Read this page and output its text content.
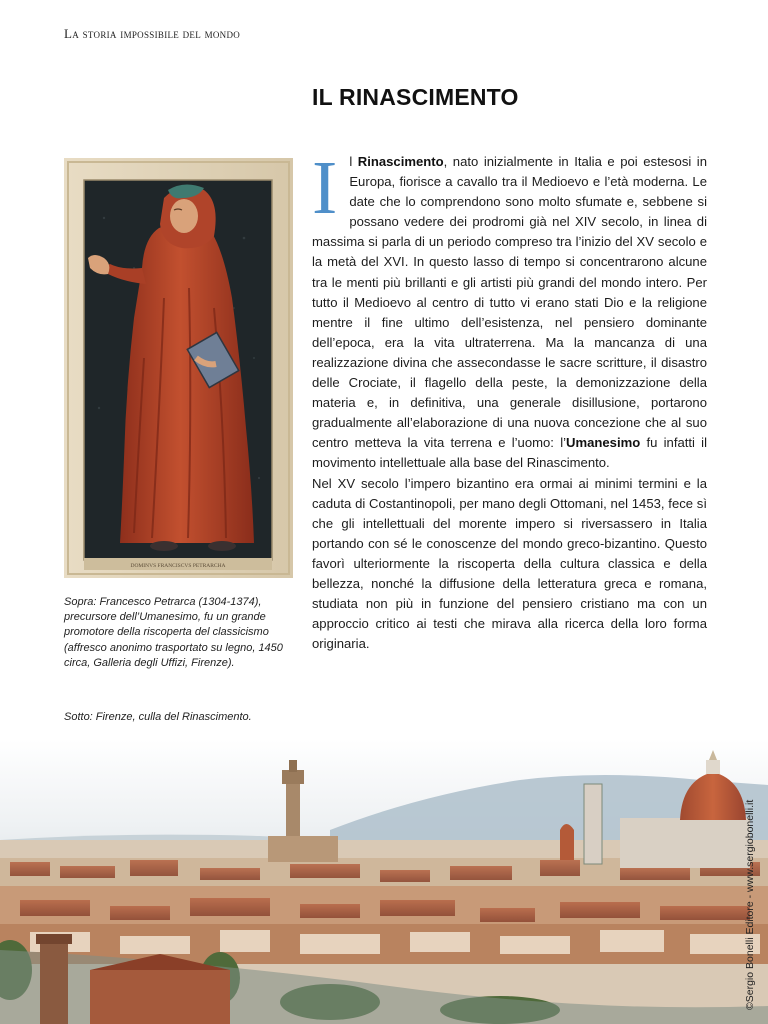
La storia impossibile del mondo
IL RINASCIMENTO
DOMINVS FRANCISCVS PETRARCHA
Sopra: Francesco Petrarca (1304-1374), precursore dell’Umanesimo, fu un grande promotore della riscoperta del classicismo (affresco anonimo trasportato su legno, 1450 circa, Galleria degli Uffizi, Firenze).
Sotto: Firenze, culla del Rinascimento.

Il Rinascimento, nato inizialmente in Italia e poi estesosi in Europa, fiorisce a cavallo tra il Medioevo e l’età moderna. Le date che lo comprendono sono molto sfumate e, sebbene si possano vedere dei prodromi già nel XIV secolo, in linea di massima si parla di un periodo compreso tra l’inizio del XV secolo e la metà del XVI. In questo lasso di tempo si concentrarono alcune tra le menti più brillanti e gli artisti più grandi del mondo intero. Per tutto il Medioevo al centro di tutto vi erano stati Dio e la religione mentre il fine ultimo dell’esistenza, nel pensiero dominante dell’epoca, era la vita ultraterrena. Ma la mancanza di una realizzazione divina che assecondasse le sacre scritture, il disastro delle Crociate, il flagello della peste, la demonizzazione della materia e, in definitiva, una generale disillusione, portarono gradualmente all’elaborazione di una nuova concezione che al suo centro metteva la vita terrena e l’uomo: l’Umanesimo fu infatti il movimento intellettuale alla base del Rinascimento.

Nel XV secolo l’impero bizantino era ormai ai minimi termini e la caduta di Costantinopoli, per mano degli Ottomani, nel 1453, fece sì che gli intellettuali del morente impero si riversassero in Italia portando con sé le conoscenze del mondo greco-bizantino. Questo favorì ulteriormente la riscoperta della cultura classica e della bellezza, nonché la diffusione della letteratura greca e romana, studiata non più in funzione del pensiero cristiano ma con un approccio critico ai testi che mirava alla ricerca della loro forma originaria.

©Sergio Bonelli Editore - www.sergiobonelli.it
